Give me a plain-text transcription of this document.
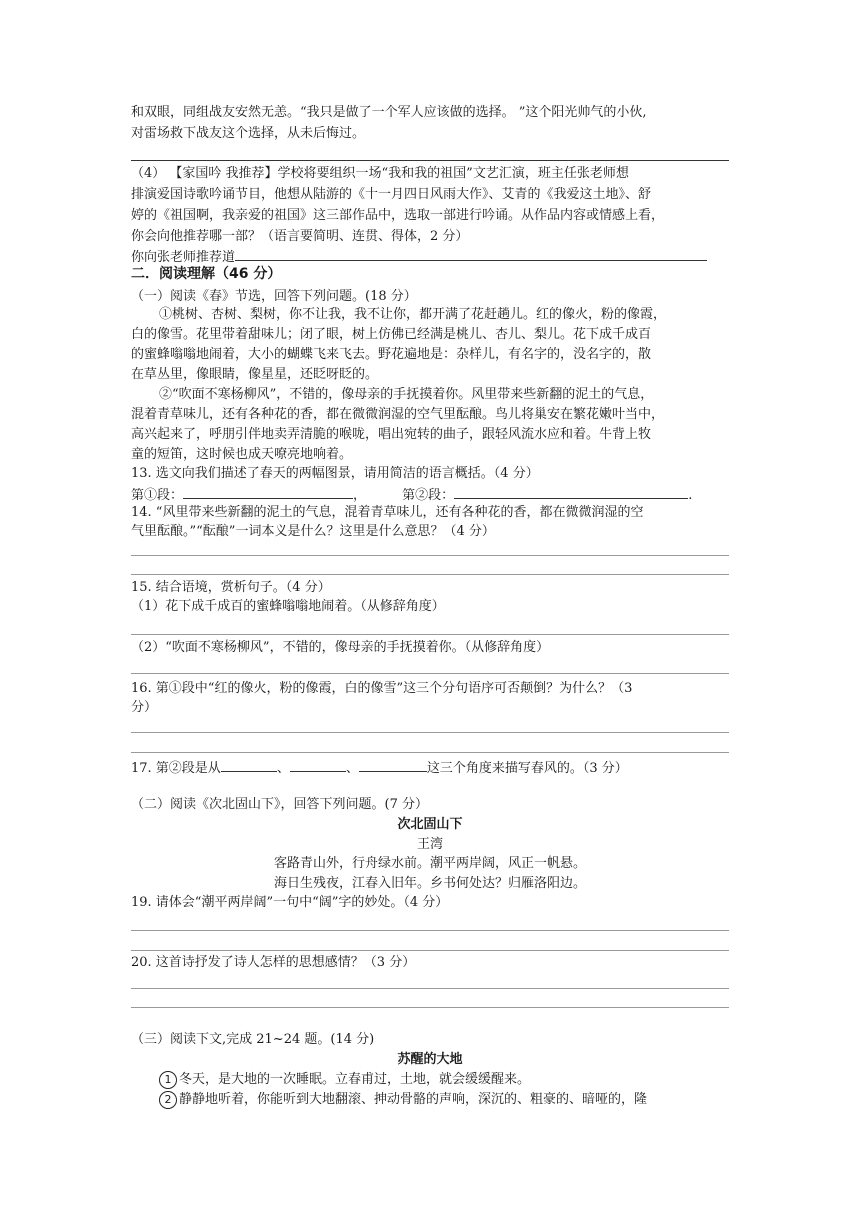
和双眼，同组战友安然无恙。“我只是做了一个军人应该做的选择。 ”这个阳光帅气的小伙,
对雷场救下战友这个选择，从未后悔过。
（4） 【家国吟 我推荐】学校将要组织一场“我和我的祖国”文艺汇演，班主任张老师想
排演爱国诗歌吟诵节目，他想从陆游的《十一月四日风雨大作》、艾青的《我爱这土地》、舒
婷的《祖国啊，我亲爱的祖国》这三部作品中，选取一部进行吟诵。从作品内容或情感上看，
你会向他推荐哪一部？（语言要简明、连贯、得体，2 分）
你向张老师推荐道
二．阅读理解（46 分）
（一）阅读《春》节选，回答下列问题。(18 分）
①桃树、杏树、梨树，你不让我，我不让你，都开满了花赶趟儿。红的像火，粉的像霞，
白的像雪。花里带着甜味儿；闭了眼，树上仿佛已经满是桃儿、杏儿、梨儿。花下成千成百
的蜜蜂嗡嗡地闹着，大小的蝴蝶飞来飞去。野花遍地是：杂样儿，有名字的，没名字的，散
在草丛里，像眼睛，像星星，还眨呀眨的。
②“吹面不寒杨柳风”，不错的，像母亲的手抚摸着你。风里带来些新翻的泥土的气息，
混着青草味儿，还有各种花的香，都在微微润湿的空气里酝酿。鸟儿将巢安在繁花嫩叶当中，
高兴起来了，呼朋引伴地卖弄清脆的喉咙，唱出宛转的曲子，跟轻风流水应和着。牛背上牧
童的短笛，这时候也成天嘹亮地响着。
13. 选文向我们描述了春天的两幅图景，请用简洁的语言概括。（4 分）
第①段：	，	第②段：	.
14. “风里带来些新翻的泥土的气息，混着青草味儿，还有各种花的香，都在微微润湿的空
气里酝酿。”“酝酿”一词本义是什么？这里是什么意思？（4 分）
15. 结合语境，赏析句子。（4 分）
（1）花下成千成百的蜜蜂嗡嗡地闹着。（从修辞角度）
（2）“吹面不寒杨柳风”，不错的，像母亲的手抚摸着你。（从修辞角度）
16. 第①段中“红的像火，粉的像霞，白的像雪”这三个分句语序可否颠倒？为什么？（3
分）
17. 第②段是从	、	、	这三个角度来描写春风的。（3 分）
（二）阅读《次北固山下》，回答下列问题。(7 分）
次北固山下
王湾
客路青山外，行舟绿水前。潮平两岸阔，风正一帆悬。
海日生残夜，江春入旧年。乡书何处达？归雁洛阳边。
19. 请体会“潮平两岸阔”一句中“阔”字的妙处。（4 分）
20. 这首诗抒发了诗人怎样的思想感情？（3 分）
（三）阅读下文,完成 21~24 题。(14 分)
苏醒的大地
1 冬天，是大地的一次睡眠。立春甫过，土地，就会缓缓醒来。
2 静静地听着，你能听到大地翻滚、抻动骨骼的声响，深沉的、粗豪的、暗哑的，隆
